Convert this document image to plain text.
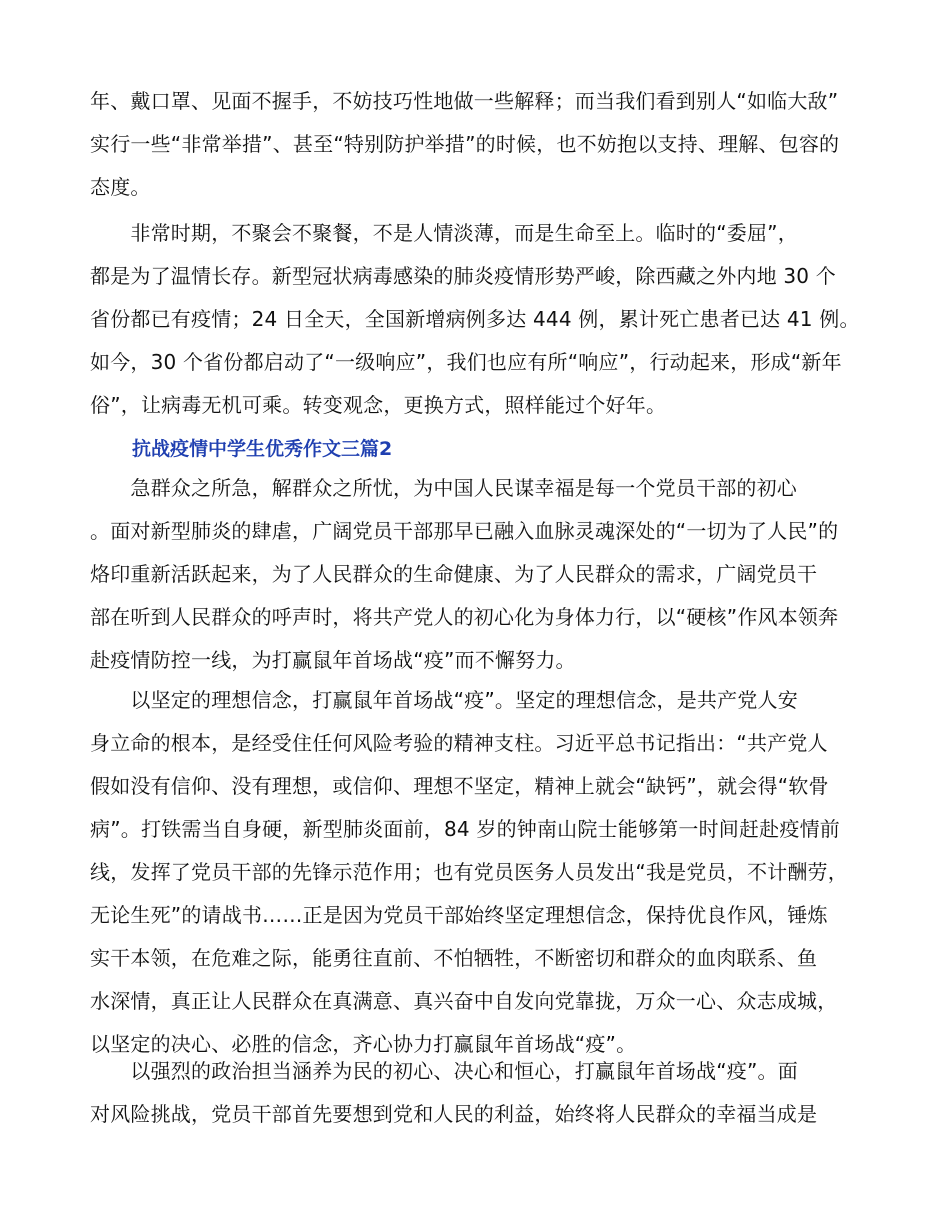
年、戴口罩、见面不握手，不妨技巧性地做一些解释；而当我们看到别人“如临大敌”
实行一些“非常举措”、甚至“特别防护举措”的时候，也不妨抱以支持、理解、包容的
态度。

　　非常时期，不聚会不聚餐，不是人情淡薄，而是生命至上。临时的“委屈”，
都是为了温情长存。新型冠状病毒感染的肺炎疫情形势严峻，除西藏之外内地 30 个
省份都已有疫情；24 日全天，全国新增病例多达 444 例，累计死亡患者已达 41 例。
如今，30 个省份都启动了“一级响应”，我们也应有所“响应”，行动起来，形成“新年
俗”，让病毒无机可乘。转变观念，更换方式，照样能过个好年。

抗战疫情中学生优秀作文三篇2

　　急群众之所急，解群众之所忧，为中国人民谋幸福是每一个党员干部的初心
。面对新型肺炎的肆虐，广阔党员干部那早已融入血脉灵魂深处的“一切为了人民”的
烙印重新活跃起来，为了人民群众的生命健康、为了人民群众的需求，广阔党员干
部在听到人民群众的呼声时，将共产党人的初心化为身体力行，以“硬核”作风本领奔
赴疫情防控一线，为打赢鼠年首场战“疫”而不懈努力。

　　以坚定的理想信念，打赢鼠年首场战“疫”。坚定的理想信念，是共产党人安
身立命的根本，是经受住任何风险考验的精神支柱。习近平总书记指出：“共产党人
假如没有信仰、没有理想，或信仰、理想不坚定，精神上就会“缺钙”，就会得“软骨
病”。打铁需当自身硬，新型肺炎面前，84 岁的钟南山院士能够第一时间赶赴疫情前
线，发挥了党员干部的先锋示范作用；也有党员医务人员发出“我是党员，不计酬劳，
无论生死”的请战书……正是因为党员干部始终坚定理想信念，保持优良作风，锤炼
实干本领，在危难之际，能勇往直前、不怕牺牲，不断密切和群众的血肉联系、鱼
水深情，真正让人民群众在真满意、真兴奋中自发向党靠拢，万众一心、众志成城，
以坚定的决心、必胜的信念，齐心协力打赢鼠年首场战“疫”。

　　以强烈的政治担当涵养为民的初心、决心和恒心，打赢鼠年首场战“疫”。面
对风险挑战，党员干部首先要想到党和人民的利益，始终将人民群众的幸福当成是
